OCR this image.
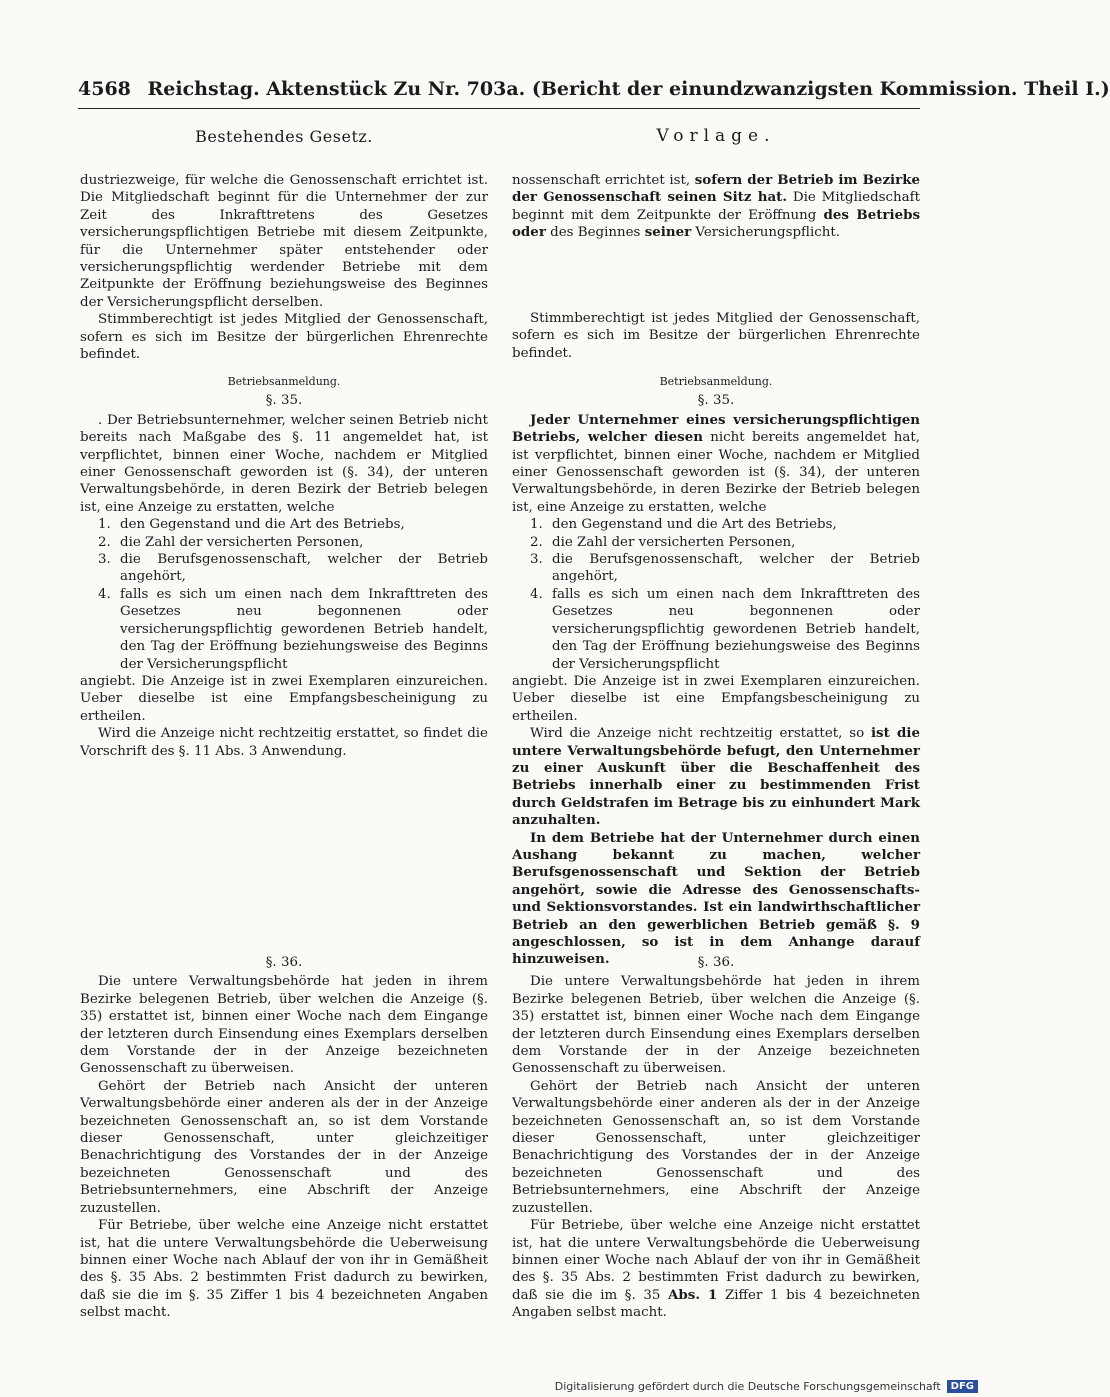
4568 Reichstag. Aktenstück Zu Nr. 703a. (Bericht der einundzwanzigsten Kommission. Theil I.)
Bestehendes Gesetz.

dustriezweige, für welche die Genossenschaft errichtet ist. Die Mitgliedschaft beginnt für die Unternehmer der zur Zeit des Inkrafttretens des Gesetzes versicherungspflichtigen Betriebe mit diesem Zeitpunkte, für die Unternehmer später entstehender oder versicherungspflichtig werdender Betriebe mit dem Zeitpunkte der Eröffnung beziehungsweise des Beginnes der Versicherungspflicht derselben.

Stimmberechtigt ist jedes Mitglied der Genossenschaft, sofern es sich im Besitze der bürgerlichen Ehrenrechte befindet.

Betriebsanmeldung.

§. 35.

. Der Betriebsunternehmer, welcher seinen Betrieb nicht bereits nach Maßgabe des §. 11 angemeldet hat, ist verpflichtet, binnen einer Woche, nachdem er Mitglied einer Genossenschaft geworden ist (§. 34), der unteren Verwaltungsbehörde, in deren Bezirk der Betrieb belegen ist, eine Anzeige zu erstatten, welche

1. den Gegenstand und die Art des Betriebs,
2. die Zahl der versicherten Personen,
3. die Berufsgenossenschaft, welcher der Betrieb angehört,
4. falls es sich um einen nach dem Inkrafttreten des Gesetzes neu begonnenen oder versicherungspflichtig gewordenen Betrieb handelt, den Tag der Eröffnung beziehungsweise des Beginns der Versicherungspflicht

angiebt. Die Anzeige ist in zwei Exemplaren einzureichen. Ueber dieselbe ist eine Empfangsbescheinigung zu ertheilen.

Wird die Anzeige nicht rechtzeitig erstattet, so findet die Vorschrift des §. 11 Abs. 3 Anwendung.

§. 36.

Die untere Verwaltungsbehörde hat jeden in ihrem Bezirke belegenen Betrieb, über welchen die Anzeige (§. 35) erstattet ist, binnen einer Woche nach dem Eingange der letzteren durch Einsendung eines Exemplars derselben dem Vorstande der in der Anzeige bezeichneten Genossenschaft zu überweisen.

Gehört der Betrieb nach Ansicht der unteren Verwaltungsbehörde einer anderen als der in der Anzeige bezeichneten Genossenschaft an, so ist dem Vorstande dieser Genossenschaft, unter gleichzeitiger Benachrichtigung des Vorstandes der in der Anzeige bezeichneten Genossenschaft und des Betriebsunternehmers, eine Abschrift der Anzeige zuzustellen.

Für Betriebe, über welche eine Anzeige nicht erstattet ist, hat die untere Verwaltungsbehörde die Ueberweisung binnen einer Woche nach Ablauf der von ihr in Gemäßheit des §. 35 Abs. 2 bestimmten Frist dadurch zu bewirken, daß sie die im §. 35 Ziffer 1 bis 4 bezeichneten Angaben selbst macht.

Vorlage.

nossenschaft errichtet ist, sofern der Betrieb im Bezirke der Genossenschaft seinen Sitz hat. Die Mitgliedschaft beginnt mit dem Zeitpunkte der Eröffnung des Betriebs oder des Beginnes seiner Versicherungspflicht.

Stimmberechtigt ist jedes Mitglied der Genossenschaft, sofern es sich im Besitze der bürgerlichen Ehrenrechte befindet.

Betriebsanmeldung.

§. 35.

Jeder Unternehmer eines versicherungspflichtigen Betriebs, welcher diesen nicht bereits angemeldet hat, ist verpflichtet, binnen einer Woche, nachdem er Mitglied einer Genossenschaft geworden ist (§. 34), der unteren Verwaltungsbehörde, in deren Bezirke der Betrieb belegen ist, eine Anzeige zu erstatten, welche

1. den Gegenstand und die Art des Betriebs,
2. die Zahl der versicherten Personen,
3. die Berufsgenossenschaft, welcher der Betrieb angehört,
4. falls es sich um einen nach dem Inkrafttreten des Gesetzes neu begonnenen oder versicherungspflichtig gewordenen Betrieb handelt, den Tag der Eröffnung beziehungsweise des Beginns der Versicherungspflicht

angiebt. Die Anzeige ist in zwei Exemplaren einzureichen. Ueber dieselbe ist eine Empfangsbescheinigung zu ertheilen.

Wird die Anzeige nicht rechtzeitig erstattet, so ist die untere Verwaltungsbehörde befugt, den Unternehmer zu einer Auskunft über die Beschaffenheit des Betriebs innerhalb einer zu bestimmenden Frist durch Geldstrafen im Betrage bis zu einhundert Mark anzuhalten.

In dem Betriebe hat der Unternehmer durch einen Aushang bekannt zu machen, welcher Berufsgenossenschaft und Sektion der Betrieb angehört, sowie die Adresse des Genossenschafts- und Sektionsvorstandes. Ist ein landwirthschaftlicher Betrieb an den gewerblichen Betrieb gemäß §. 9 angeschlossen, so ist in dem Anhange darauf hinzuweisen.	§. 36.

Die untere Verwaltungsbehörde hat jeden in ihrem Bezirke belegenen Betrieb, über welchen die Anzeige (§. 35) erstattet ist, binnen einer Woche nach dem Eingange der letzteren durch Einsendung eines Exemplars derselben dem Vorstande der in der Anzeige bezeichneten Genossenschaft zu überweisen.

Gehört der Betrieb nach Ansicht der unteren Verwaltungsbehörde einer anderen als der in der Anzeige bezeichneten Genossenschaft an, so ist dem Vorstande dieser Genossenschaft, unter gleichzeitiger Benachrichtigung des Vorstandes der in der Anzeige bezeichneten Genossenschaft und des Betriebsunternehmers, eine Abschrift der Anzeige zuzustellen.

Für Betriebe, über welche eine Anzeige nicht erstattet ist, hat die untere Verwaltungsbehörde die Ueberweisung binnen einer Woche nach Ablauf der von ihr in Gemäßheit des §. 35 Abs. 2 bestimmten Frist dadurch zu bewirken, daß sie die im §. 35 Abs. 1 Ziffer 1 bis 4 bezeichneten Angaben selbst macht.

Digitalisierung gefördert durch die Deutsche Forschungsgemeinschaft	DFG
